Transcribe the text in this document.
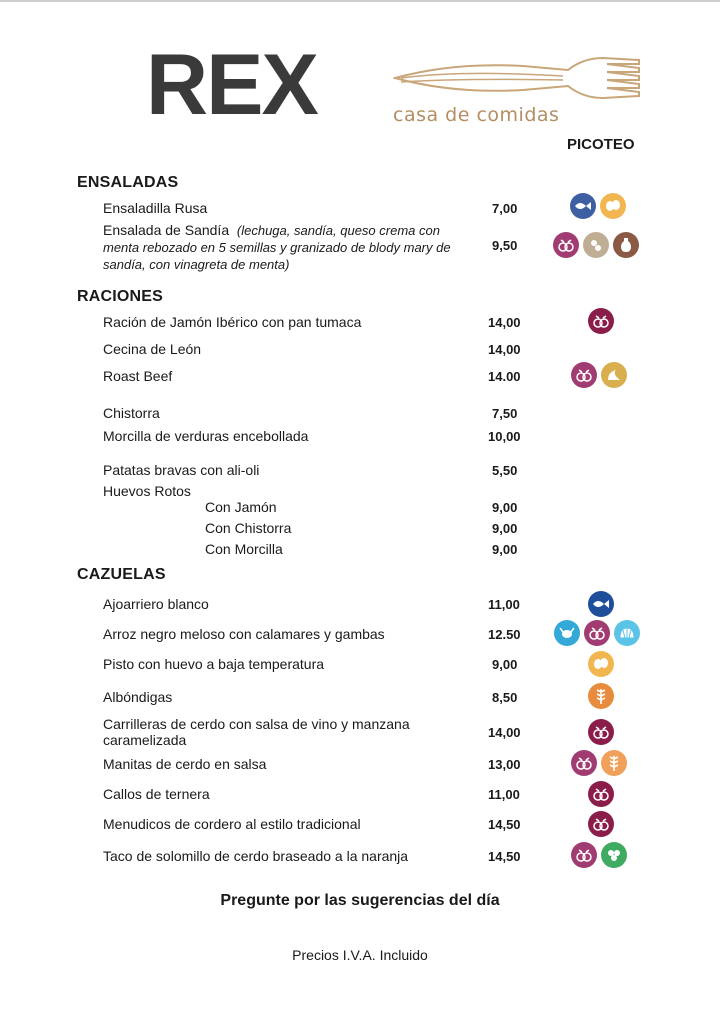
REX	casa de comidas
PICOTEO
ENSALADAS
Ensaladilla Rusa	7,00
Ensalada de Sandía (lechuga, sandía, queso crema con
menta rebozado en 5 semillas y granizado de blody mary de
sandía, con vinagreta de menta)
9,50
RACIONES
Ración de Jamón Ibérico con pan tumaca	14,00
Cecina de León	14,00
Roast Beef	14.00
Chistorra	7,50
Morcilla de verduras encebollada	10,00
Patatas bravas con ali-oli	5,50
Huevos Rotos
Con Jamón	9,00
Con Chistorra	9,00
Con Morcilla	9,00
CAZUELAS
Ajoarriero blanco	11,00
Arroz negro meloso con calamares y gambas	12.50
Pisto con huevo a baja temperatura	9,00
Albóndigas	8,50
Carrilleras de cerdo con salsa de vino y manzana
caramelizada	14,00
Manitas de cerdo en salsa	13,00
Callos de ternera	11,00
Menudicos de cordero al estilo tradicional	14,50
Taco de solomillo de cerdo braseado a la naranja	14,50
Pregunte por las sugerencias del día
Precios I.V.A. Incluido
